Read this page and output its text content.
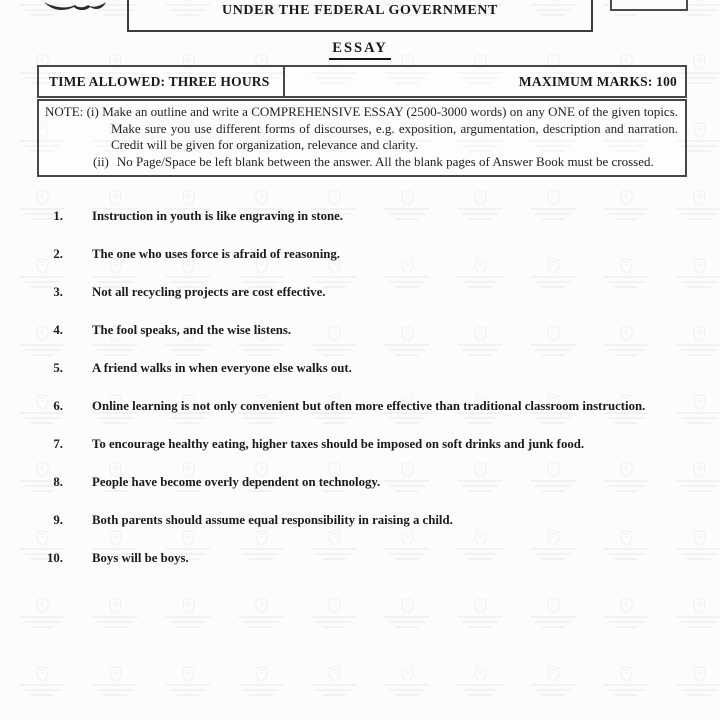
UNDER THE FEDERAL GOVERNMENT
ESSAY
TIME ALLOWED: THREE HOURS	MAXIMUM MARKS: 100

NOTE: (i) Make an outline and write a COMPREHENSIVE ESSAY (2500-3000 words) on any ONE of the given topics. Make sure you use different forms of discourses, e.g. exposition, argumentation, description and narration. Credit will be given for organization, relevance and clarity.

(ii) No Page/Space be left blank between the answer. All the blank pages of Answer Book must be crossed.

1. Instruction in youth is like engraving in stone.
2. The one who uses force is afraid of reasoning.
3. Not all recycling projects are cost effective.
4. The fool speaks, and the wise listens.
5. A friend walks in when everyone else walks out.
6. Online learning is not only convenient but often more effective than traditional classroom instruction.
7. To encourage healthy eating, higher taxes should be imposed on soft drinks and junk food.
8. People have become overly dependent on technology.
9. Both parents should assume equal responsibility in raising a child.
10. Boys will be boys.
